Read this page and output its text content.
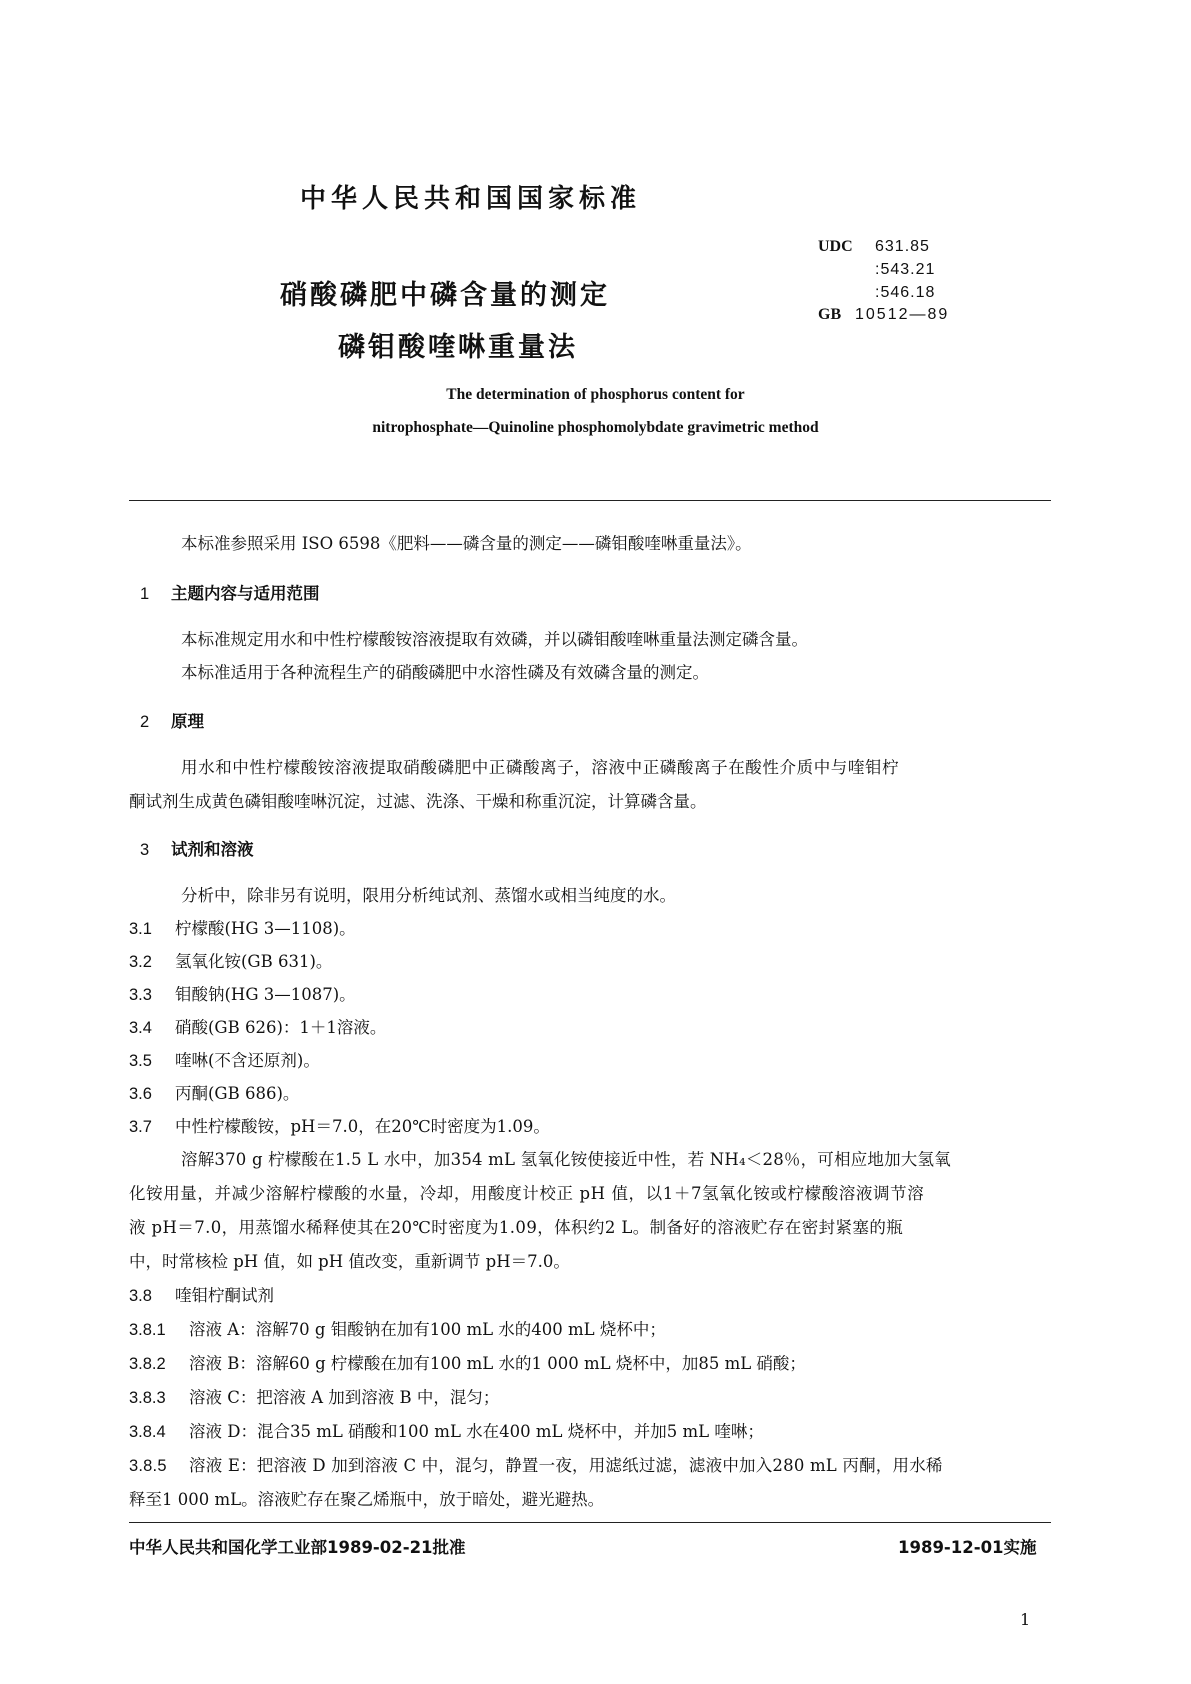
中华人民共和国国家标准
UDC 631.85
:543.21
:546.18
GB 10512—89
硝酸磷肥中磷含量的测定
磷钼酸喹啉重量法
The determination of phosphorus content for
nitrophosphate—Quinoline phosphomolybdate gravimetric method
本标准参照采用 ISO 6598《肥料——磷含量的测定——磷钼酸喹啉重量法》。
1 主题内容与适用范围
本标准规定用水和中性柠檬酸铵溶液提取有效磷，并以磷钼酸喹啉重量法测定磷含量。
本标准适用于各种流程生产的硝酸磷肥中水溶性磷及有效磷含量的测定。
2 原理
用水和中性柠檬酸铵溶液提取硝酸磷肥中正磷酸离子，溶液中正磷酸离子在酸性介质中与喹钼柠
酮试剂生成黄色磷钼酸喹啉沉淀，过滤、洗涤、干燥和称重沉淀，计算磷含量。
3 试剂和溶液
分析中，除非另有说明，限用分析纯试剂、蒸馏水或相当纯度的水。
3.1 柠檬酸(HG 3—1108)。
3.2 氢氧化铵(GB 631)。
3.3 钼酸钠(HG 3—1087)。
3.4 硝酸(GB 626)：1＋1溶液。
3.5 喹啉(不含还原剂)。
3.6 丙酮(GB 686)。
3.7 中性柠檬酸铵，pH＝7.0，在20℃时密度为1.09。
溶解370 g 柠檬酸在1.5 L 水中，加354 mL 氢氧化铵使接近中性，若 NH₄＜28％，可相应地加大氢氧
化铵用量，并减少溶解柠檬酸的水量，冷却，用酸度计校正 pH 值，以1＋7氢氧化铵或柠檬酸溶液调节溶
液 pH＝7.0，用蒸馏水稀释使其在20℃时密度为1.09，体积约2 L。制备好的溶液贮存在密封紧塞的瓶
中，时常核检 pH 值，如 pH 值改变，重新调节 pH＝7.0。
3.8 喹钼柠酮试剂
3.8.1 溶液 A：溶解70 g 钼酸钠在加有100 mL 水的400 mL 烧杯中；
3.8.2 溶液 B：溶解60 g 柠檬酸在加有100 mL 水的1 000 mL 烧杯中，加85 mL 硝酸；
3.8.3 溶液 C：把溶液 A 加到溶液 B 中，混匀；
3.8.4 溶液 D：混合35 mL 硝酸和100 mL 水在400 mL 烧杯中，并加5 mL 喹啉；
3.8.5 溶液 E：把溶液 D 加到溶液 C 中，混匀，静置一夜，用滤纸过滤，滤液中加入280 mL 丙酮，用水稀
释至1 000 mL。溶液贮存在聚乙烯瓶中，放于暗处，避光避热。
中华人民共和国化学工业部1989-02-21批准	1989-12-01实施
1
